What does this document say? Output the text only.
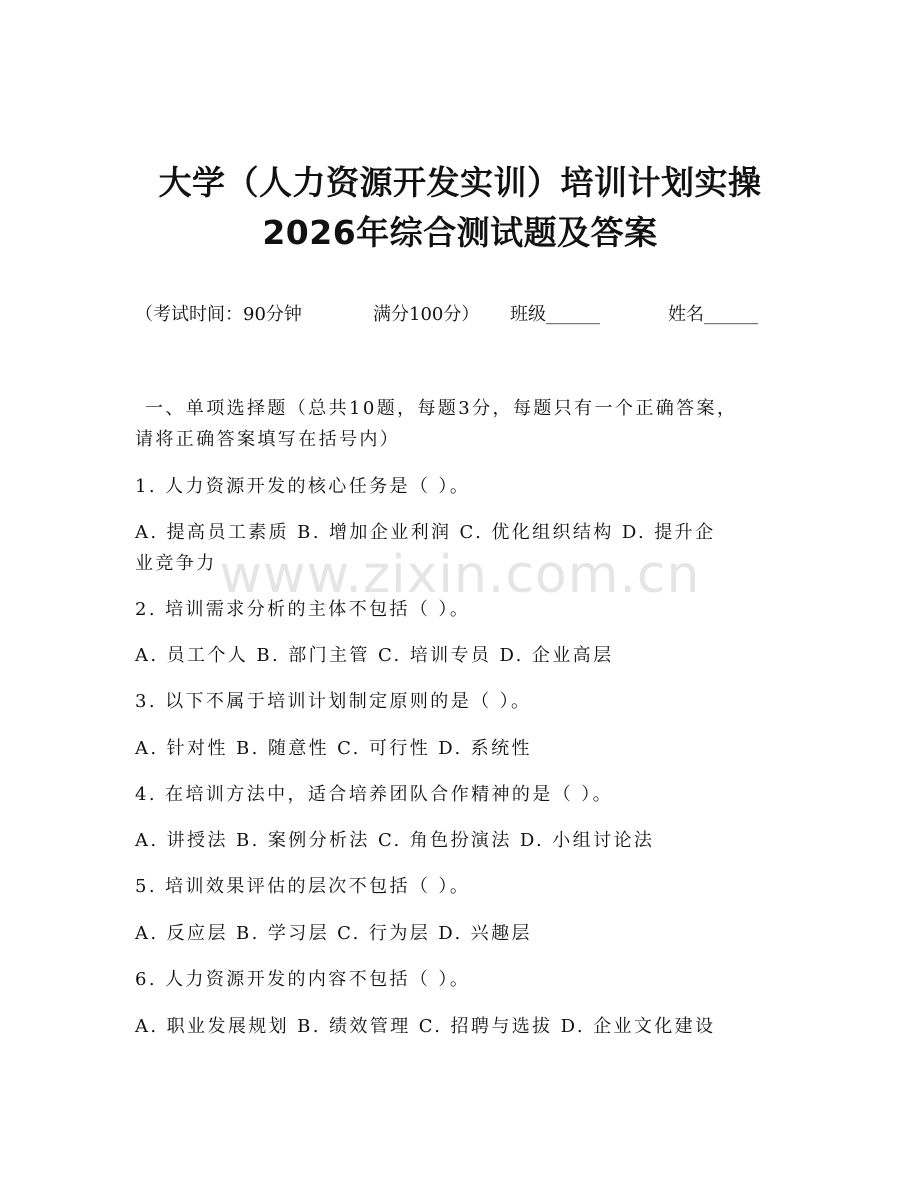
大学（人力资源开发实训）培训计划实操
2026年综合测试题及答案
（考试时间：90分钟	满分100分） 班级______	姓名______
一、单项选择题（总共10题，每题3分，每题只有一个正确答案，
请将正确答案填写在括号内）
1. 人力资源开发的核心任务是（ ）。
A. 提高员工素质 B. 增加企业利润 C. 优化组织结构 D. 提升企
业竞争力
2. 培训需求分析的主体不包括（ ）。
A. 员工个人 B. 部门主管 C. 培训专员 D. 企业高层
3. 以下不属于培训计划制定原则的是（ ）。
A. 针对性 B. 随意性 C. 可行性 D. 系统性
4. 在培训方法中，适合培养团队合作精神的是（ ）。
A. 讲授法 B. 案例分析法 C. 角色扮演法 D. 小组讨论法
5. 培训效果评估的层次不包括（ ）。
A. 反应层 B. 学习层 C. 行为层 D. 兴趣层
6. 人力资源开发的内容不包括（ ）。
A. 职业发展规划 B. 绩效管理 C. 招聘与选拔 D. 企业文化建设
www.zixin.com.cn
